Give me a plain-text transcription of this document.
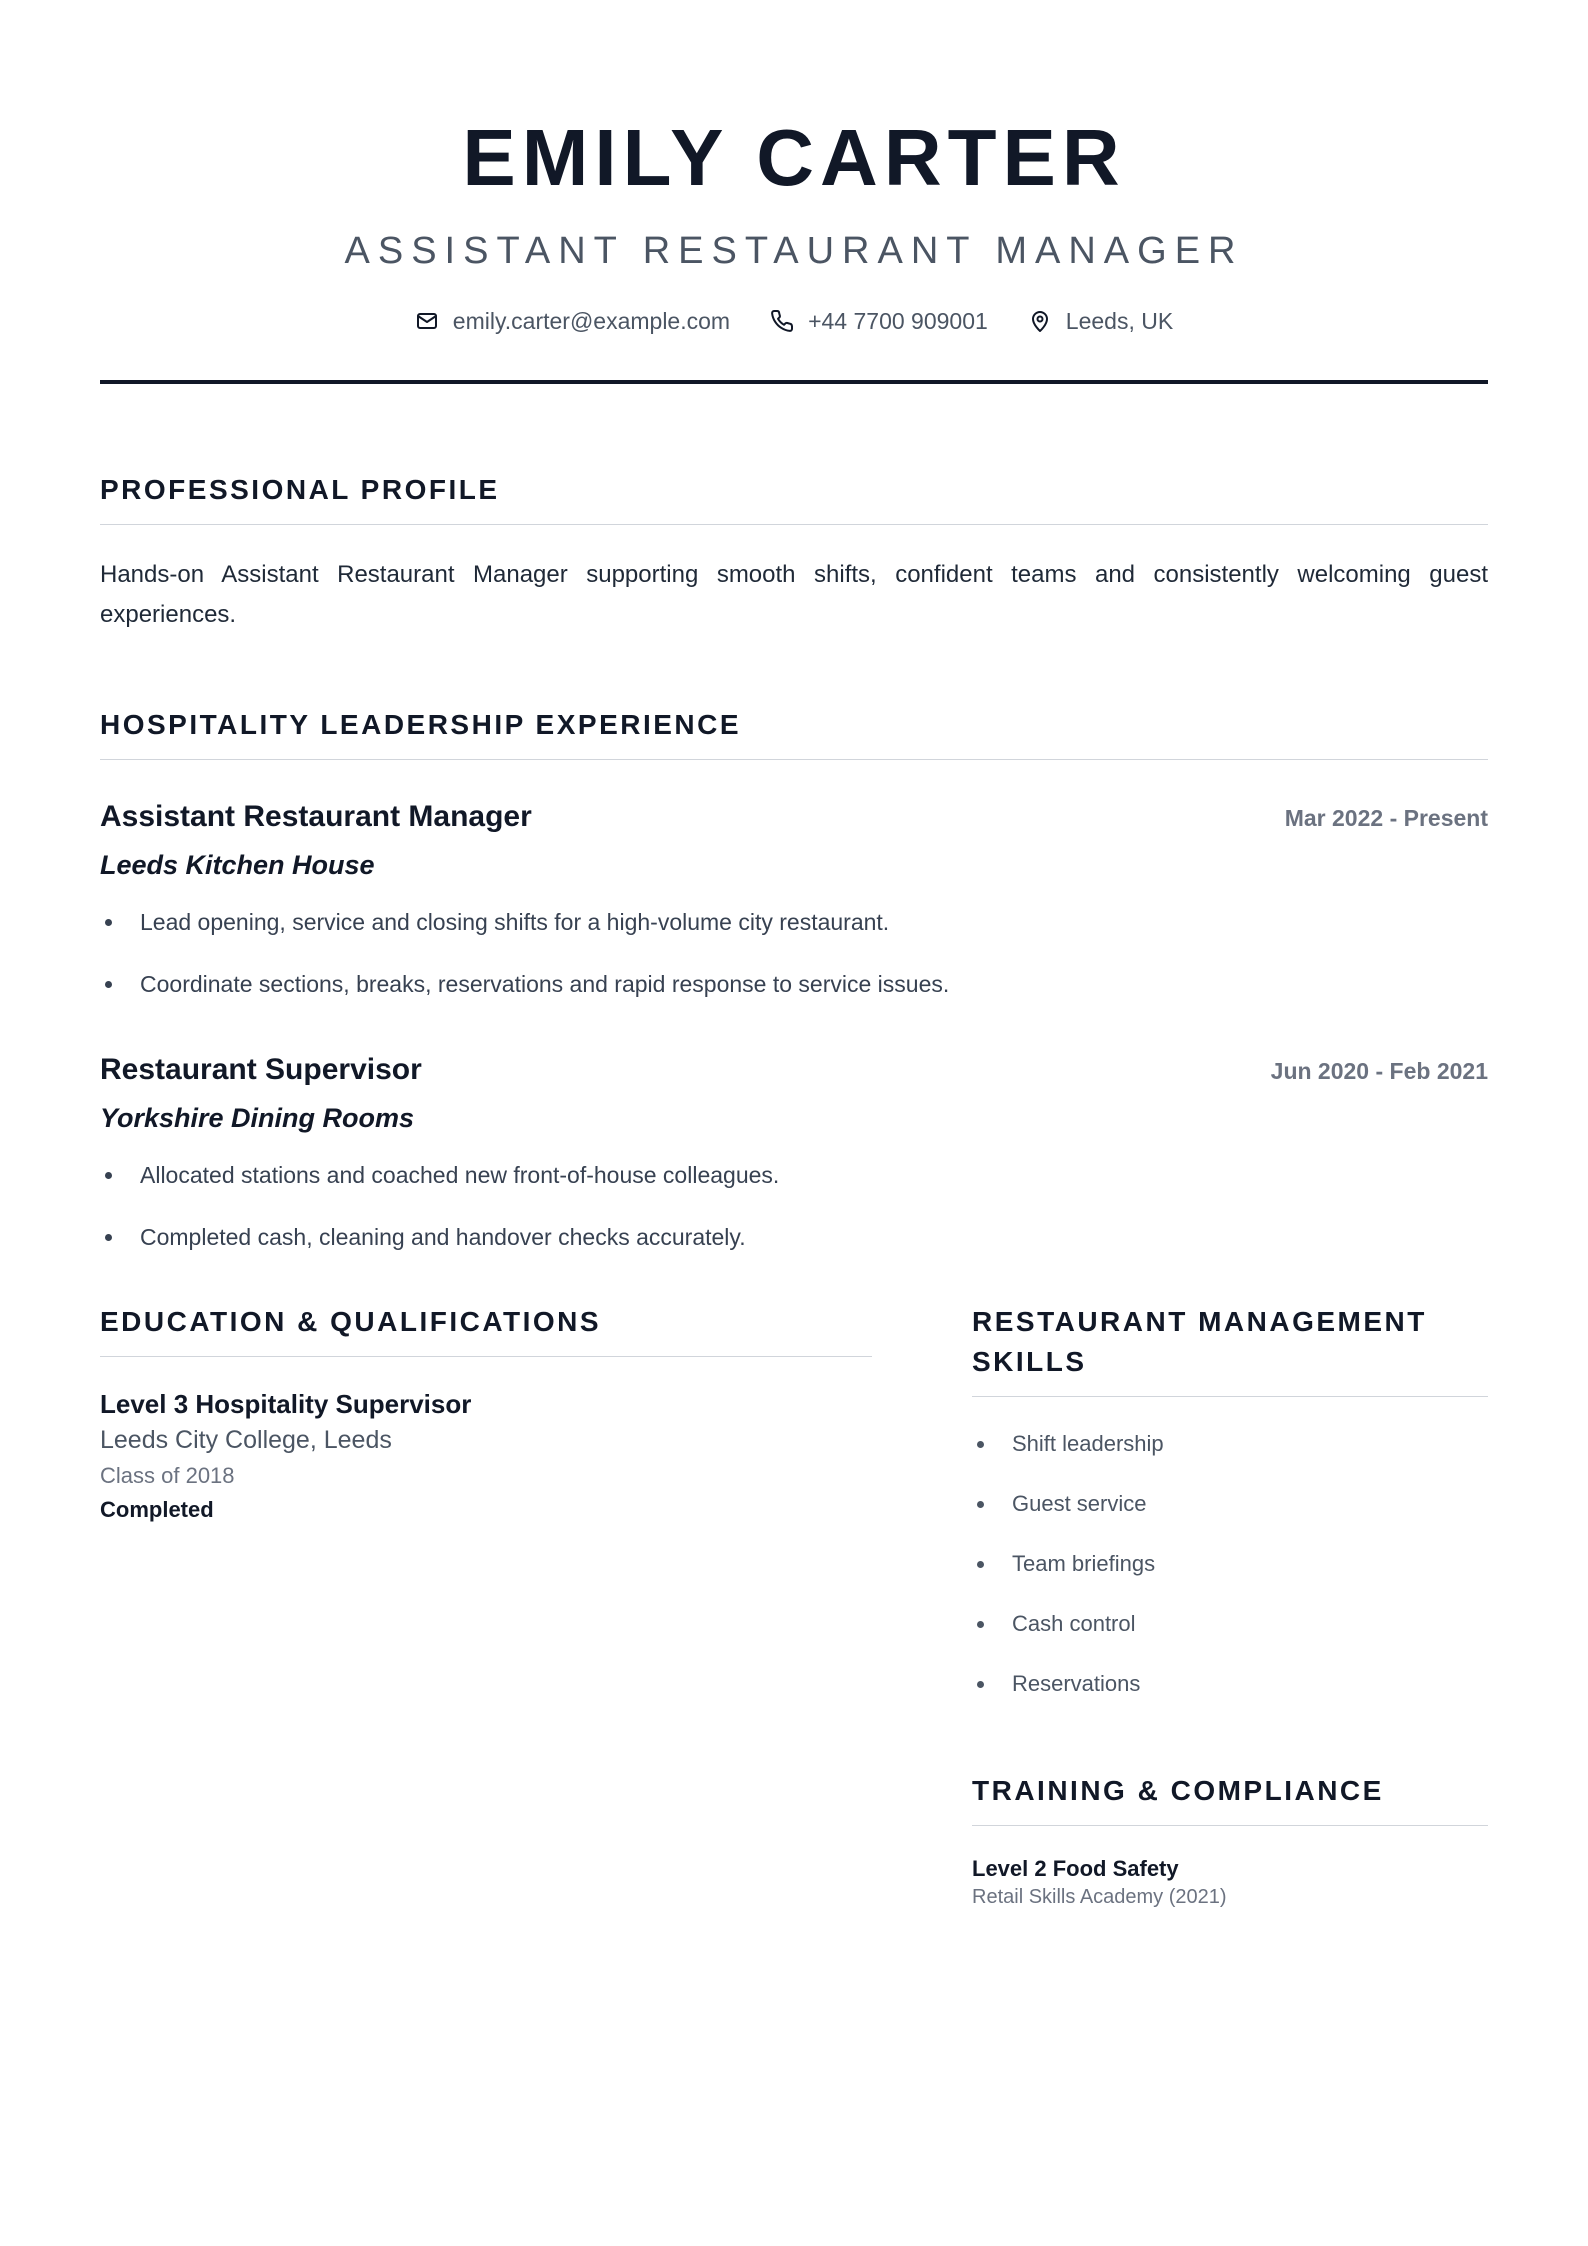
EMILY CARTER
ASSISTANT RESTAURANT MANAGER
emily.carter@example.com	+44 7700 909001	Leeds, UK
PROFESSIONAL PROFILE
Hands-on Assistant Restaurant Manager supporting smooth shifts, confident teams and consistently welcoming guest experiences.
HOSPITALITY LEADERSHIP EXPERIENCE
Assistant Restaurant Manager	Mar 2022 - Present
Leeds Kitchen House
Lead opening, service and closing shifts for a high-volume city restaurant.
Coordinate sections, breaks, reservations and rapid response to service issues.
Restaurant Supervisor	Jun 2020 - Feb 2021
Yorkshire Dining Rooms
Allocated stations and coached new front-of-house colleagues.
Completed cash, cleaning and handover checks accurately.
EDUCATION & QUALIFICATIONS
Level 3 Hospitality Supervisor
Leeds City College, Leeds
Class of 2018
Completed
RESTAURANT MANAGEMENT SKILLS
Shift leadership
Guest service
Team briefings
Cash control
Reservations
TRAINING & COMPLIANCE
Level 2 Food Safety
Retail Skills Academy (2021)
